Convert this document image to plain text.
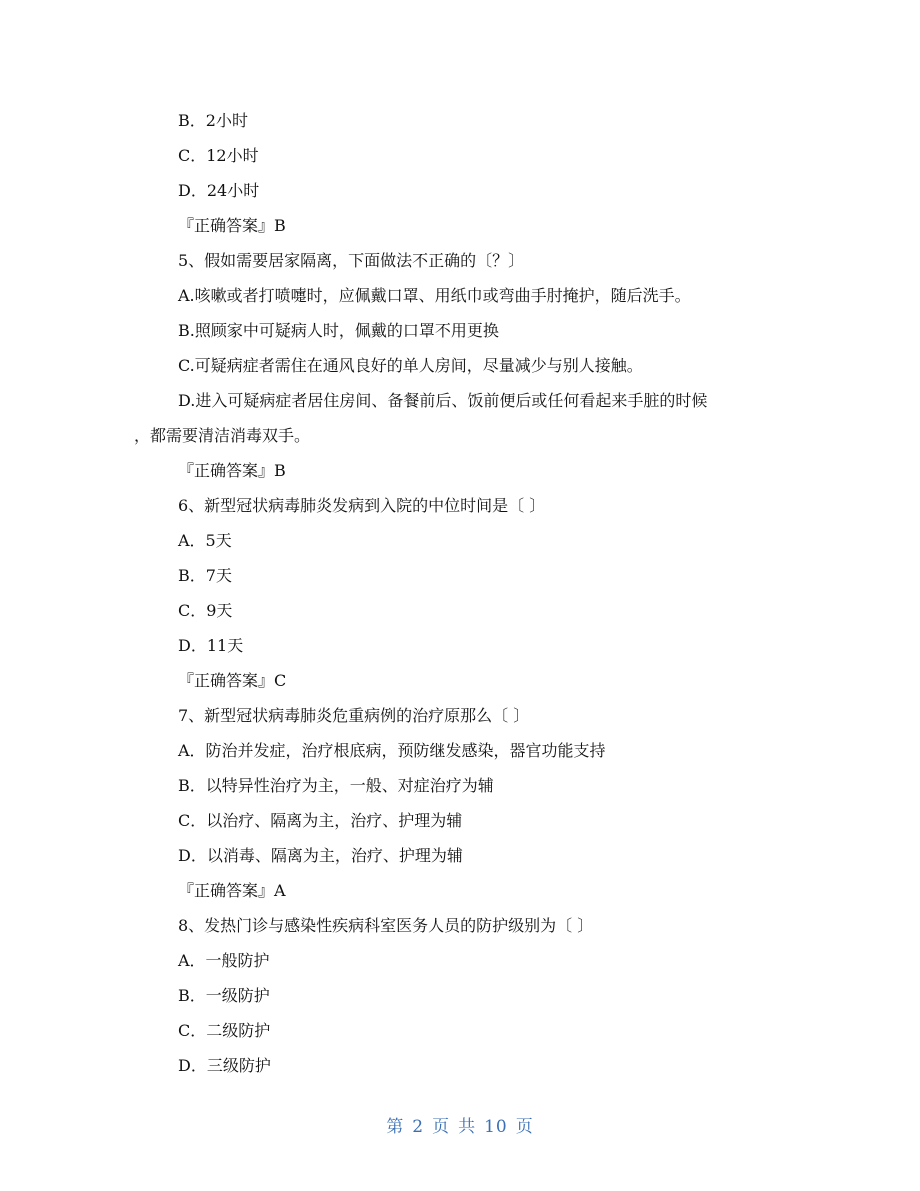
B．2小时
C．12小时
D．24小时
『正确答案』B
5、假如需要居家隔离，下面做法不正确的〔？〕
A.咳嗽或者打喷嚏时，应佩戴口罩、用纸巾或弯曲手肘掩护，随后洗手。
B.照顾家中可疑病人时，佩戴的口罩不用更换
C.可疑病症者需住在通风良好的单人房间，尽量减少与别人接触。
D.进入可疑病症者居住房间、备餐前后、饭前便后或任何看起来手脏的时候
，都需要清洁消毒双手。
『正确答案』B
6、新型冠状病毒肺炎发病到入院的中位时间是〔 〕
A．5天
B．7天
C．9天
D．11天
『正确答案』C
7、新型冠状病毒肺炎危重病例的治疗原那么〔 〕
A．防治并发症，治疗根底病，预防继发感染，器官功能支持
B．以特异性治疗为主，一般、对症治疗为辅
C．以治疗、隔离为主，治疗、护理为辅
D．以消毒、隔离为主，治疗、护理为辅
『正确答案』A
8、发热门诊与感染性疾病科室医务人员的防护级别为〔 〕
A．一般防护
B．一级防护
C．二级防护
D．三级防护
第 2 页 共 10 页
